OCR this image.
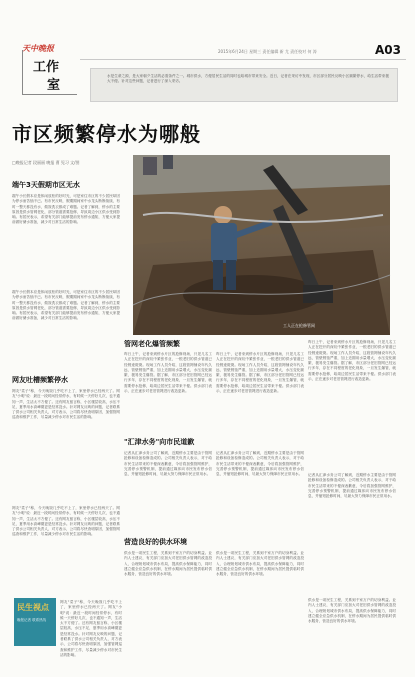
天中晚报
工作
室
2015年6月24日 星期三 责任编辑 新 尤 责任校对 何 涛	A03
水是生命之源，是大家朝夕生活的必需条件之一。城市供水，方便居民生活的同时也给城市带来安全。近日，记者在采访中发现，市区部分居民反映小区频繁停水，给生活带来极大不便。针对这些问题，记者进行了深入采访。
市区频繁停水为哪般
□晚报记者 段丽丽 晚报 曹 见习 文/图
端午3天假期市区无水
端午小长假本应是休闲放松的好时光，可是家住市区的不少居民却因为停水而苦恼不已。有市民反映，假期期间家中水龙头断断续续，有时一整天都没有水，做饭洗衣都成了难题。记者了解到，停水的主要原因是供水管网老化，部分管道需要抢修，导致周边小区供水受到影响。有居民表示，希望有关部门能够提前发布停水通知，方便大家提前做好储水准备，减少对日常生活的影响。
端午小长假本应是休闲放松的好时光，可是家住市区的不少居民却因为停水而苦恼不已。有市民反映，假期期间家中水龙头断断续续，有时一整天都没有水，做饭洗衣都成了难题。记者了解到，停水的主要原因是供水管网老化，部分管道需要抢修，导致周边小区供水受到影响。有居民表示，希望有关部门能够提前发布停水通知，方便大家提前做好储水准备，减少对日常生活的影响。
网友吐槽频繁停水
网友"菜子"称，今天晚饭几乎吃不上了，家里停水已经两天了。网友"小明"说：最近一段时间经常停水，有时候一天停好几次，也不通知一声，生活太不方便了。还有网友留言称，小区楼层较高，水压不足，夏季用水高峰期更是经常没水。针对网友反映的问题，记者联系了供水公司相关负责人，对方表示，公司将尽快查明原因，加强管网巡查和维护工作，尽量减少停水对市民生活的影响。
网友"菜子"称，今天晚饭几乎吃不上了，家里停水已经两天了。网友"小明"说：最近一段时间经常停水，有时候一天停好几次，也不通知一声，生活太不方便了。还有网友留言称，小区楼层较高，水压不足，夏季用水高峰期更是经常没水。针对网友反映的问题，记者联系了供水公司相关负责人，对方表示，公司将尽快查明原因，加强管网巡查和维护工作，尽量减少停水对市民生活的影响。
民生视点
晚报记者 联系热线
网友"菜子"称，今天晚饭几乎吃不上了，家里停水已经两天了。网友"小明"说：最近一段时间经常停水，有时候一天停好几次，也不通知一声，生活太不方便了。还有网友留言称，小区楼层较高，水压不足，夏季用水高峰期更是经常没水。针对网友反映的问题，记者联系了供水公司相关负责人，对方表示，公司将尽快查明原因，加强管网巡查和维护工作，尽量减少停水对市民生活的影响。
工人正在抢修管网
管网老化爆管频繁
昨日上午，记者来到停水片区的抢修现场，只见几名工人正在挖开的深坑中紧张作业，一根老旧的供水管道已经锈迹斑斑。现场工作人员介绍，这段管网铺设年代久远，管壁锈蚀严重，加上近期用水量增大，水压变化频繁，极易发生爆管。据了解，市区部分老旧管网已经运行多年，存在不同程度的老化现象，一旦发生爆管，就需要停水抢修，给周边居民生活带来不便。供水部门表示，正在逐步对老旧管网进行改造更新。
昨日上午，记者来到停水片区的抢修现场，只见几名工人正在挖开的深坑中紧张作业，一根老旧的供水管道已经锈迹斑斑。现场工作人员介绍，这段管网铺设年代久远，管壁锈蚀严重，加上近期用水量增大，水压变化频繁，极易发生爆管。据了解，市区部分老旧管网已经运行多年，存在不同程度的老化现象，一旦发生爆管，就需要停水抢修，给周边居民生活带来不便。供水部门表示，正在逐步对老旧管网进行改造更新。
昨日上午，记者来到停水片区的抢修现场，只见几名工人正在挖开的深坑中紧张作业，一根老旧的供水管道已经锈迹斑斑。现场工作人员介绍，这段管网铺设年代久远，管壁锈蚀严重，加上近期用水量增大，水压变化频繁，极易发生爆管。据了解，市区部分老旧管网已经运行多年，存在不同程度的老化现象，一旦发生爆管，就需要停水抢修，给周边居民生活带来不便。供水部门表示，正在逐步对老旧管网进行改造更新。
"汇津水务"向市民道歉
记者从汇津水务公司了解到，近期停水主要是由于管网抢修和设备检修造成的。公司相关负责人表示，对于给市民生活带来的不便深表歉意，今后将加强管网维护，完善停水预警机制，提前通过媒体向市民发布停水信息，并缩短抢修时间，尽最大努力保障市民正常用水。
记者从汇津水务公司了解到，近期停水主要是由于管网抢修和设备检修造成的。公司相关负责人表示，对于给市民生活带来的不便深表歉意，今后将加强管网维护，完善停水预警机制，提前通过媒体向市民发布停水信息，并缩短抢修时间，尽最大努力保障市民正常用水。	记者从汇津水务公司了解到，近期停水主要是由于管网抢修和设备检修造成的。公司相关负责人表示，对于给市民生活带来的不便深表歉意，今后将加强管网维护，完善停水预警机制，提前通过媒体向市民发布停水信息，并缩短抢修时间，尽最大努力保障市民正常用水。
营造良好的供水环境
供水是一项民生工程，关系到千家万户的切身利益。业内人士建议，有关部门应加大对老旧供水管网的改造投入，合理规划城市供水布局，提高供水保障能力，同时建立健全应急供水机制，在停水期间为居民提供临时供水服务，营造良好的供水环境。
供水是一项民生工程，关系到千家万户的切身利益。业内人士建议，有关部门应加大对老旧供水管网的改造投入，合理规划城市供水布局，提高供水保障能力，同时建立健全应急供水机制，在停水期间为居民提供临时供水服务，营造良好的供水环境。
供水是一项民生工程，关系到千家万户的切身利益。业内人士建议，有关部门应加大对老旧供水管网的改造投入，合理规划城市供水布局，提高供水保障能力，同时建立健全应急供水机制，在停水期间为居民提供临时供水服务，营造良好的供水环境。
